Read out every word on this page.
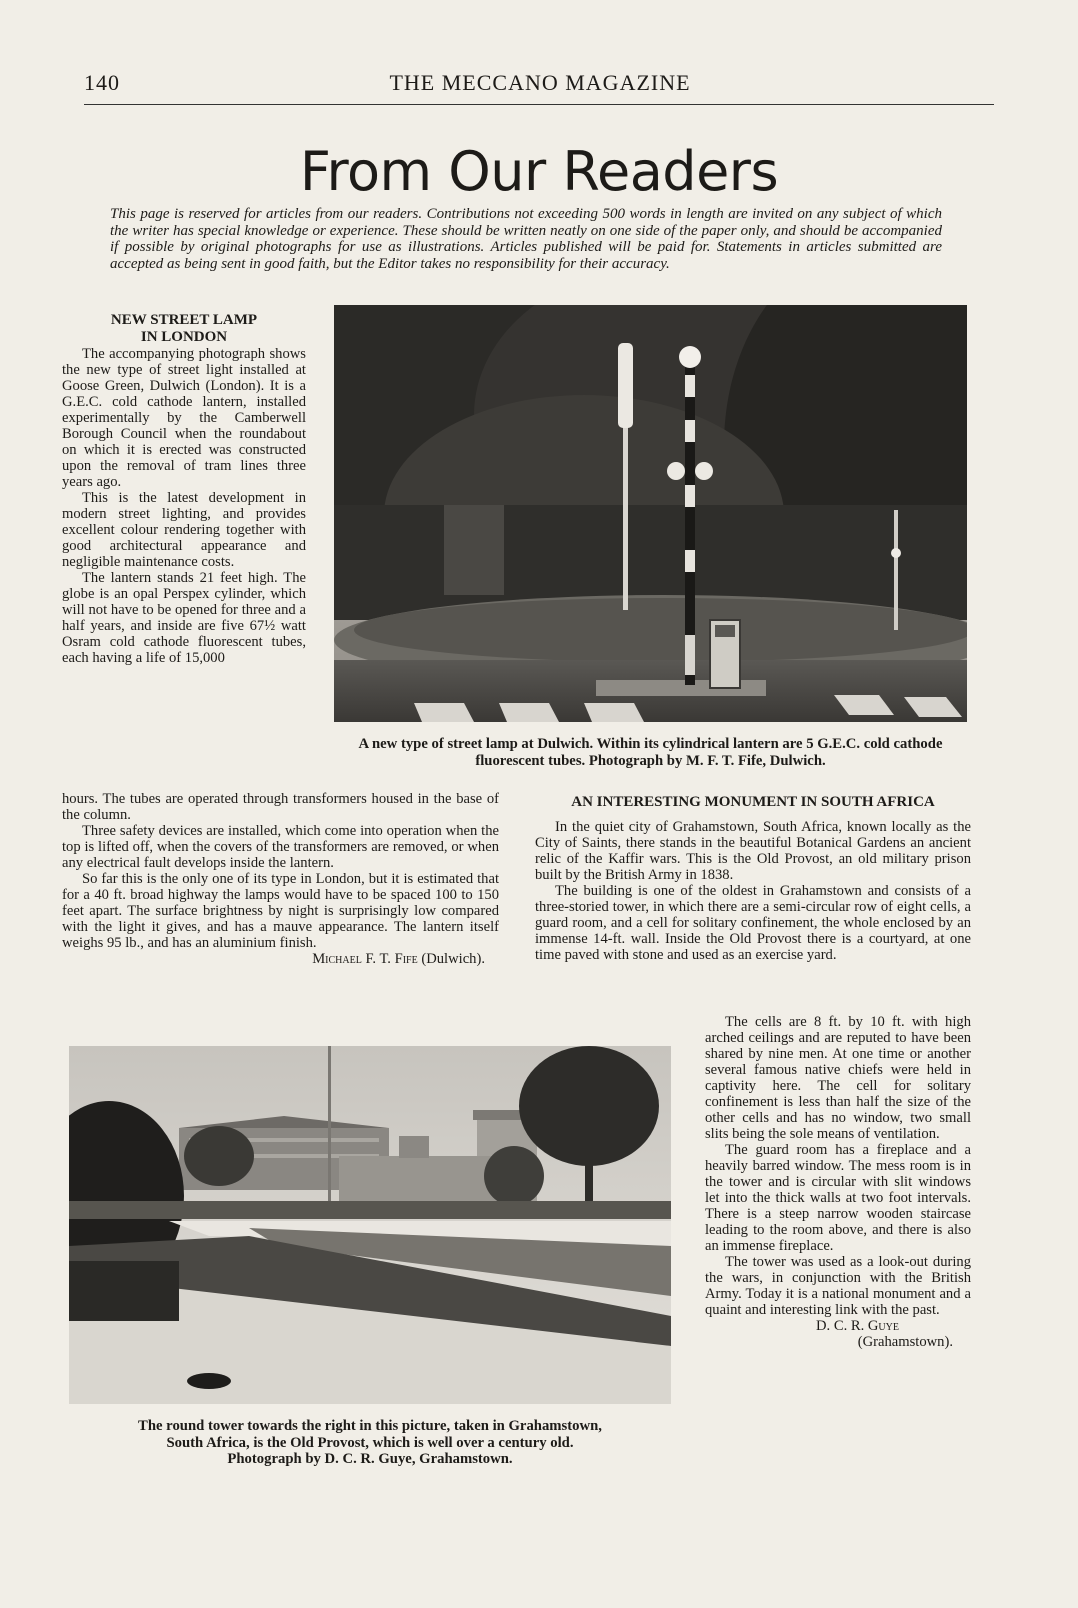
140	THE MECCANO MAGAZINE
From Our Readers
This page is reserved for articles from our readers. Contributions not exceeding 500 words in length are invited on any subject of which the writer has special knowledge or experience. These should be written neatly on one side of the paper only, and should be accompanied if possible by original photographs for use as illustrations. Articles published will be paid for. Statements in articles submitted are accepted as being sent in good faith, but the Editor takes no responsibility for their accuracy.
NEW STREET LAMP
IN LONDON

The accompanying photograph shows the new type of street light installed at Goose Green, Dulwich (London). It is a G.E.C. cold cathode lantern, installed experimentally by the Camberwell Borough Council when the roundabout on which it is erected was constructed upon the removal of tram lines three years ago.

This is the latest development in modern street lighting, and provides excellent colour rendering together with good architectural appearance and negligible maintenance costs.

The lantern stands 21 feet high. The globe is an opal Perspex cylinder, which will not have to be opened for three and a half years, and inside are five 67½ watt Osram cold cathode fluorescent tubes, each having a life of 15,000

A new type of street lamp at Dulwich. Within its cylindrical lantern are 5 G.E.C. cold cathode fluorescent tubes. Photograph by M. F. T. Fife, Dulwich.

hours. The tubes are operated through transformers housed in the base of the column.

Three safety devices are installed, which come into operation when the top is lifted off, when the covers of the transformers are removed, or when any electrical fault develops inside the lantern.

So far this is the only one of its type in London, but it is estimated that for a 40 ft. broad highway the lamps would have to be spaced 100 to 150 feet apart. The surface brightness by night is surprisingly low compared with the light it gives, and has a mauve appearance. The lantern itself weighs 95 lb., and has an aluminium finish.

Michael F. T. Fife (Dulwich).
AN INTERESTING MONUMENT IN SOUTH AFRICA

In the quiet city of Grahamstown, South Africa, known locally as the City of Saints, there stands in the beautiful Botanical Gardens an ancient relic of the Kaffir wars. This is the Old Provost, an old military prison built by the British Army in 1838.

The building is one of the oldest in Grahamstown and consists of a three-storied tower, in which there are a semi-circular row of eight cells, a guard room, and a cell for solitary confinement, the whole enclosed by an immense 14-ft. wall. Inside the Old Provost there is a courtyard, at one time paved with stone and used as an exercise yard.

The cells are 8 ft. by 10 ft. with high arched ceilings and are reputed to have been shared by nine men. At one time or another several famous native chiefs were held in captivity here. The cell for solitary confinement is less than half the size of the other cells and has no window, two small slits being the sole means of ventilation.

The guard room has a fireplace and a heavily barred window. The mess room is in the tower and is circular with slit windows let into the thick walls at two foot intervals. There is a steep narrow wooden staircase leading to the room above, and there is also an immense fireplace.

The tower was used as a look-out during the wars, in conjunction with the British Army. Today it is a national monument and a quaint and interesting link with the past.

D. C. R. Guye
(Grahamstown).
The round tower towards the right in this picture, taken in Grahamstown,
South Africa, is the Old Provost, which is well over a century old.
Photograph by D. C. R. Guye, Grahamstown.
